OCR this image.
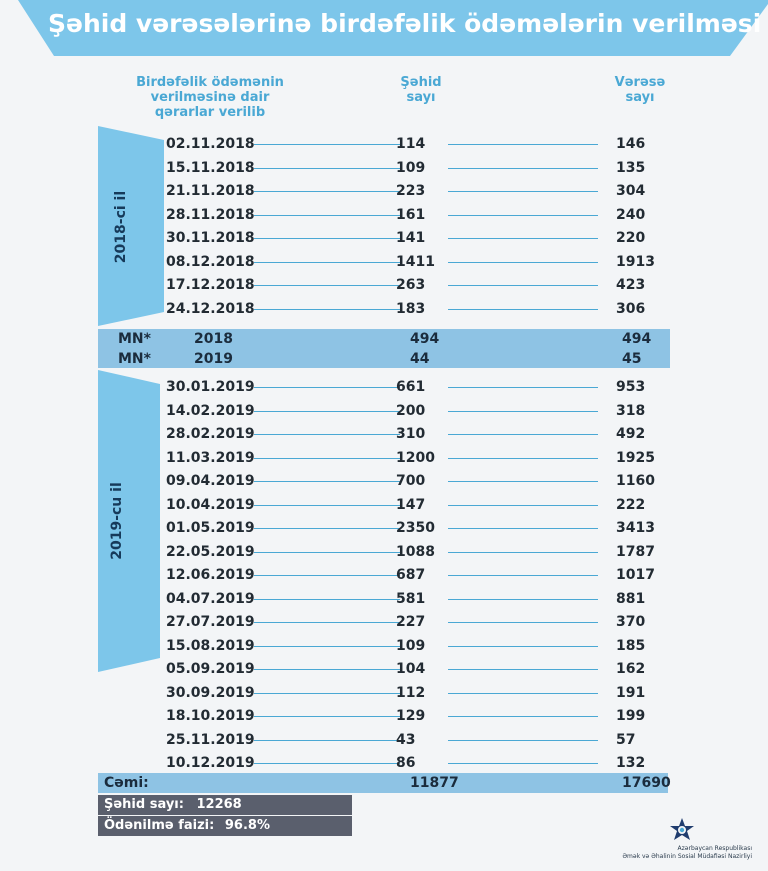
Şəhid vərəsələrinə birdəfəlik ödəmələrin verilməsi
Birdəfəlik ödəmənin verilməsinə dair qərarlar verilib
Şəhid sayı
Vərəsə sayı
2018-ci il
2019-cu il
02.11.2018	114	146
15.11.2018	109	135
21.11.2018	223	304
28.11.2018	161	240
30.11.2018	141	220
08.12.2018	1411	1913
17.12.2018	263	423
24.12.2018	183	306
MN*	2018	494	494
MN*	2019	44	45
30.01.2019	661	953
14.02.2019	200	318
28.02.2019	310	492
11.03.2019	1200	1925
09.04.2019	700	1160
10.04.2019	147	222
01.05.2019	2350	3413
22.05.2019	1088	1787
12.06.2019	687	1017
04.07.2019	581	881
27.07.2019	227	370
15.08.2019	109	185
05.09.2019	104	162
30.09.2019	112	191
18.10.2019	129	199
25.11.2019	43	57
10.12.2019	86	132
Cəmi:	11877	17690
Şəhid sayı: 12268
Ödənilmə faizi: 96.8%
Azərbaycan Respublikası
Əmək və Əhalinin Sosial Müdafiəsi Nazirliyi
